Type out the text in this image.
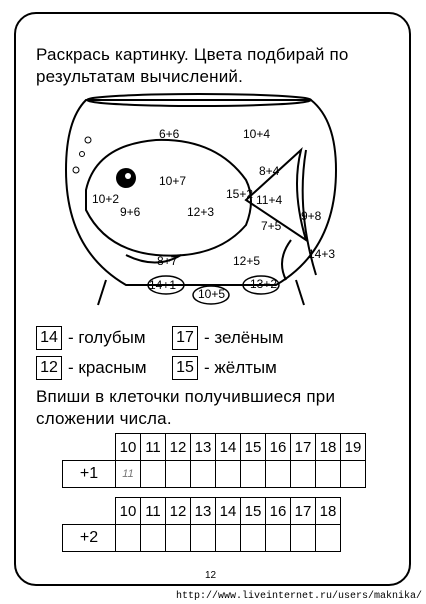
Раскрась картинку. Цвета подбирай по результатам вычислений.
6+6	10+4
10+2
10+7
15+2
8+4
9+6	12+3
11+4
7+5
9+8
8+7	12+5	14+3
13+2
14+1
10+5
14 - голубым 17 - зелёным
12 - красным 15 - жёлтым
Впиши в клеточки получившиеся при сложении числа.
	10	11	12	13	14	15	16	17	18	19
+1	11									
	10	11	12	13	14	15	16	17	18
+2									
12
http://www.liveinternet.ru/users/maknika/
